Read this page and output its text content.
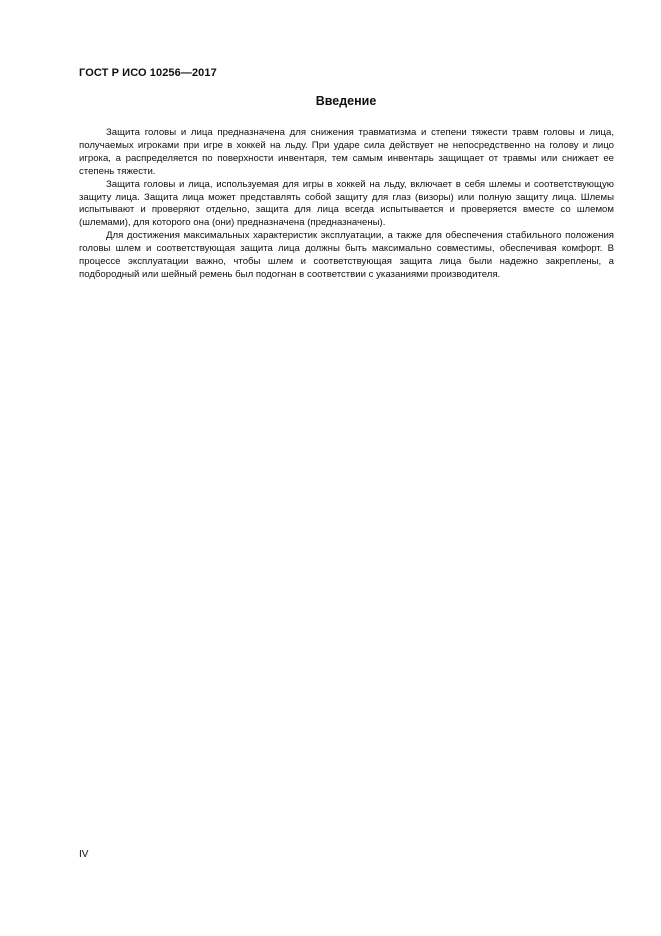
ГОСТ Р ИСО 10256—2017
Введение

Защита головы и лица предназначена для снижения травматизма и степени тяжести травм головы и лица, получаемых игроками при игре в хоккей на льду. При ударе сила действует не непосредственно на голову и лицо игрока, а распределяется по поверхности инвентаря, тем самым инвентарь защищает от травмы или снижает ее степень тяжести.

Защита головы и лица, используемая для игры в хоккей на льду, включает в себя шлемы и соответствующую защиту лица. Защита лица может представлять собой защиту для глаз (визоры) или полную защиту лица. Шлемы испытывают и проверяют отдельно, защита для лица всегда испытывается и проверяется вместе со шлемом (шлемами), для которого она (они) предназначена (предназначены).

Для достижения максимальных характеристик эксплуатации, а также для обеспечения стабильного положения головы шлем и соответствующая защита лица должны быть максимально совместимы, обеспечивая комфорт. В процессе эксплуатации важно, чтобы шлем и соответствующая защита лица были надежно закреплены, а подбородный или шейный ремень был подогнан в соответствии с указаниями производителя.

IV
